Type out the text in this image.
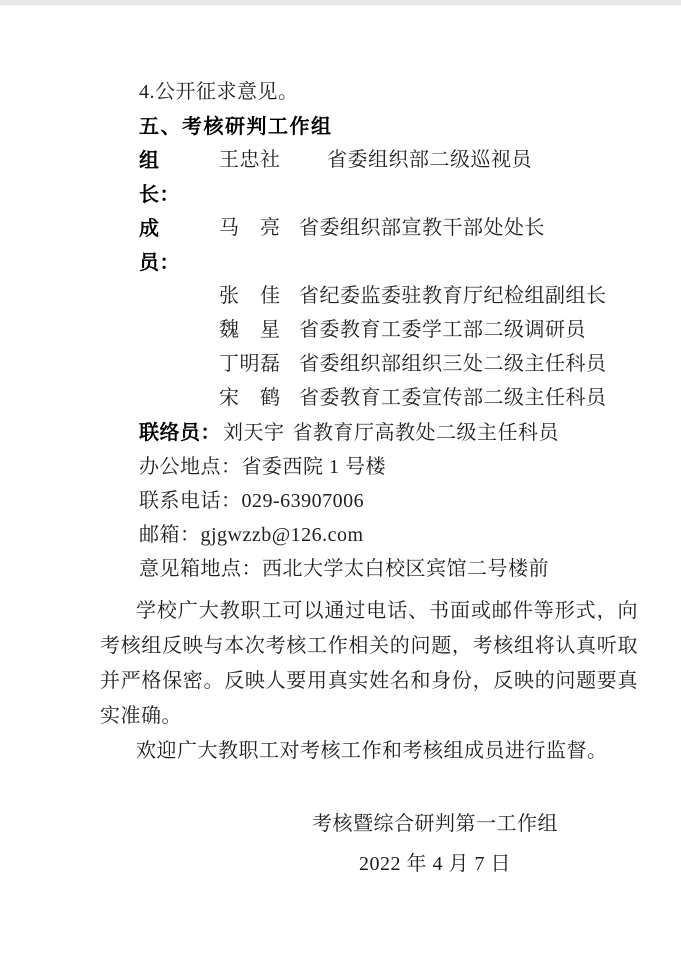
4.公开征求意见。
五、考核研判工作组
组　长：
王忠社 省委组织部二级巡视员
成　员：
马　亮 省委组织部宣教干部处处长
张　佳 省纪委监委驻教育厅纪检组副组长
魏　星 省委教育工委学工部二级调研员
丁明磊 省委组织部组织三处二级主任科员
宋　鹤 省委教育工委宣传部二级主任科员
联络员： 刘天宇 省教育厅高教处二级主任科员
办公地点：省委西院 1 号楼
联系电话：029-63907006
邮箱：gjgwzzb@126.com
意见箱地点：西北大学太白校区宾馆二号楼前

学校广大教职工可以通过电话、书面或邮件等形式，向考核组反映与本次考核工作相关的问题，考核组将认真听取并严格保密。反映人要用真实姓名和身份，反映的问题要真实准确。

欢迎广大教职工对考核工作和考核组成员进行监督。

考核暨综合研判第一工作组
2022 年 4 月 7 日
